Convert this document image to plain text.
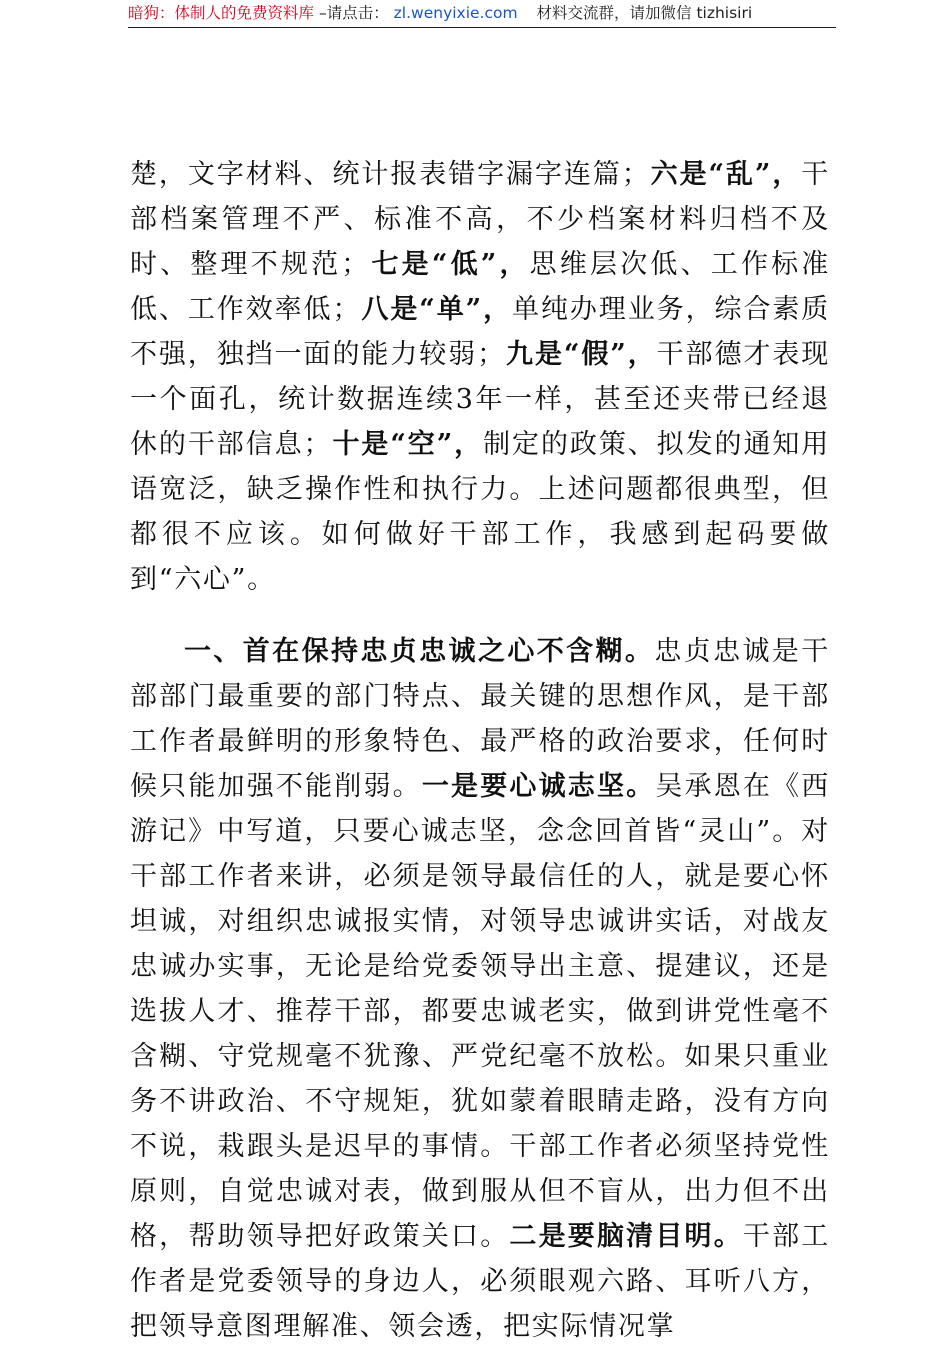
暗狗：体制人的免费资料库 –请点击： zl.wenyixie.com 材料交流群，请加微信 tizhisiri

楚，文字材料、统计报表错字漏字连篇；六是“乱”，干部档案管理不严、标准不高，不少档案材料归档不及时、整理不规范；七是“低”，思维层次低、工作标准低、工作效率低；八是“单”，单纯办理业务，综合素质不强，独挡一面的能力较弱；九是“假”，干部德才表现一个面孔，统计数据连续3年一样，甚至还夹带已经退休的干部信息；十是“空”，制定的政策、拟发的通知用语宽泛，缺乏操作性和执行力。上述问题都很典型，但都很不应该。如何做好干部工作，我感到起码要做到“六心”。

一、首在保持忠贞忠诚之心不含糊。忠贞忠诚是干部部门最重要的部门特点、最关键的思想作风，是干部工作者最鲜明的形象特色、最严格的政治要求，任何时候只能加强不能削弱。一是要心诚志坚。吴承恩在《西游记》中写道，只要心诚志坚，念念回首皆“灵山”。对干部工作者来讲，必须是领导最信任的人，就是要心怀坦诚，对组织忠诚报实情，对领导忠诚讲实话，对战友忠诚办实事，无论是给党委领导出主意、提建议，还是选拔人才、推荐干部，都要忠诚老实，做到讲党性毫不含糊、守党规毫不犹豫、严党纪毫不放松。如果只重业务不讲政治、不守规矩，犹如蒙着眼睛走路，没有方向不说，栽跟头是迟早的事情。干部工作者必须坚持党性原则，自觉忠诚对表，做到服从但不盲从，出力但不出格，帮助领导把好政策关口。二是要脑清目明。干部工作者是党委领导的身边人，必须眼观六路、耳听八方，把领导意图理解准、领会透，把实际情况掌
